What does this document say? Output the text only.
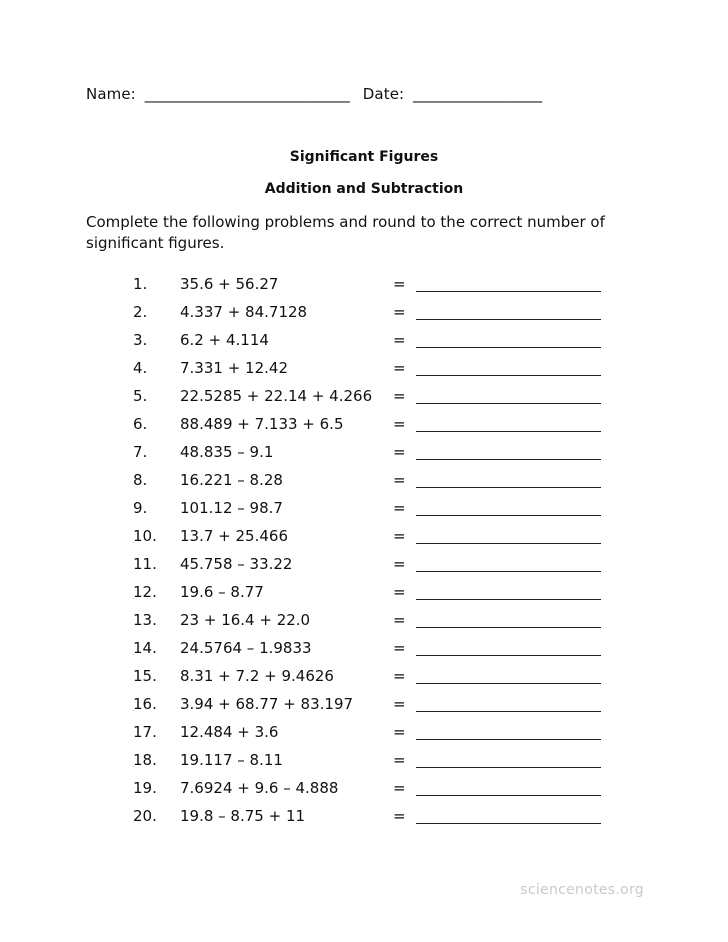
Name: ___________________________ Date: _________________
Significant Figures
Addition and Subtraction
Complete the following problems and round to the correct number of significant figures.
1. 35.6 + 56.27	=
2. 4.337 + 84.7128	=
3. 6.2 + 4.114	=
4. 7.331 + 12.42	=
5. 22.5285 + 22.14 + 4.266 =
6. 88.489 + 7.133 + 6.5	=
7. 48.835 – 9.1	=
8. 16.221 – 8.28	=
9. 101.12 – 98.7	=
10. 13.7 + 25.466	=
11. 45.758 – 33.22	=
12. 19.6 – 8.77	=
13. 23 + 16.4 + 22.0	=
14. 24.5764 – 1.9833	=
15. 8.31 + 7.2 + 9.4626	=
16. 3.94 + 68.77 + 83.197	=
17. 12.484 + 3.6	=
18. 19.117 – 8.11	=
19. 7.6924 + 9.6 – 4.888	=
20. 19.8 – 8.75 + 11	=
sciencenotes.org
